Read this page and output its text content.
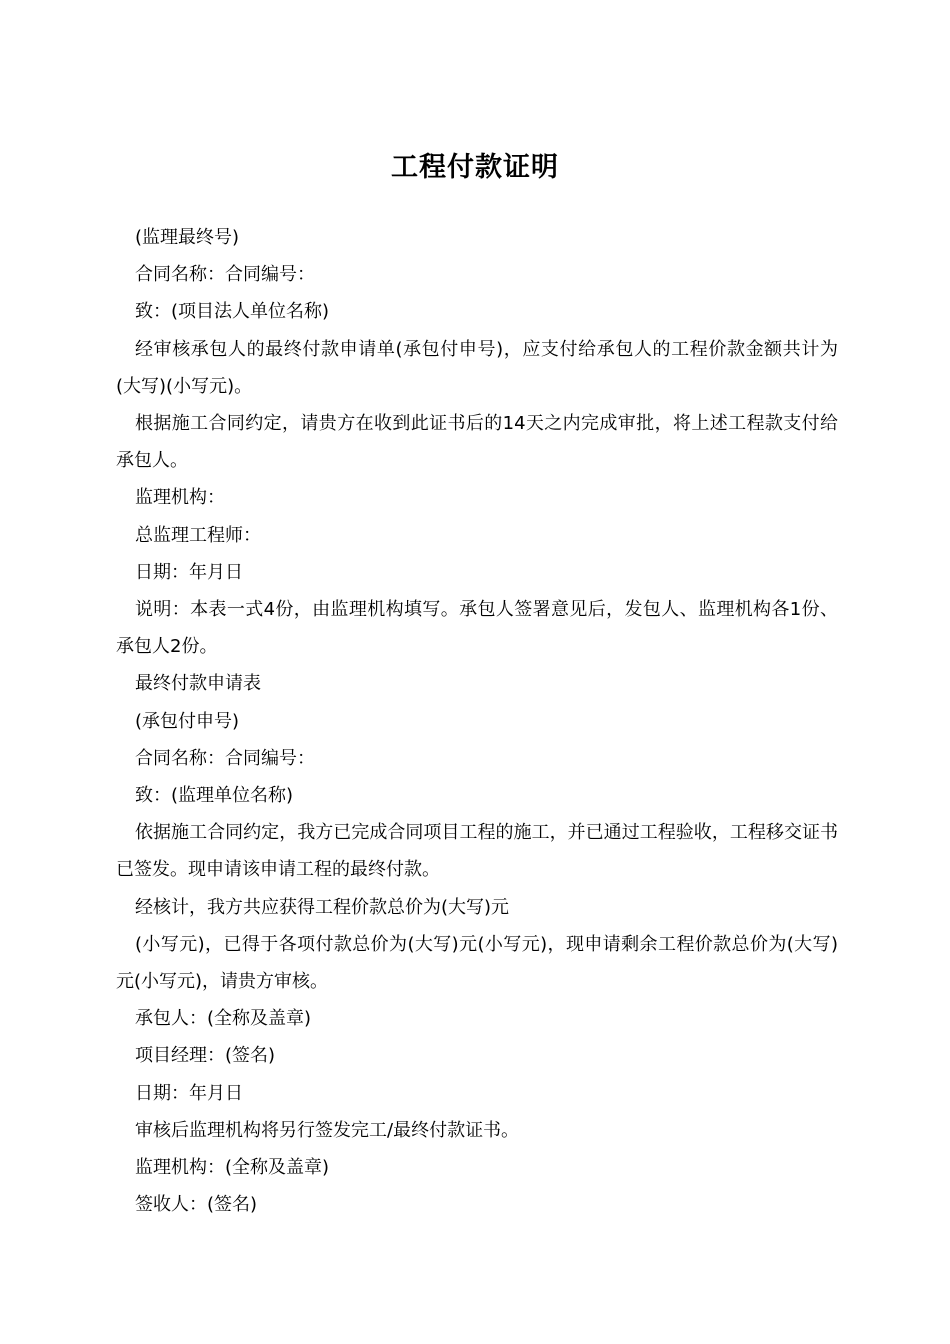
工程付款证明

(监理最终号)

合同名称：合同编号：

致：(项目法人单位名称)

经审核承包人的最终付款申请单(承包付申号)，应支付给承包人的工程价款金额共计为(大写)(小写元)。

根据施工合同约定，请贵方在收到此证书后的14天之内完成审批，将上述工程款支付给承包人。

监理机构：

总监理工程师：

日期：年月日

说明：本表一式4份，由监理机构填写。承包人签署意见后，发包人、监理机构各1份、承包人2份。

最终付款申请表

(承包付申号)

合同名称：合同编号：

致：(监理单位名称)

依据施工合同约定，我方已完成合同项目工程的施工，并已通过工程验收，工程移交证书已签发。现申请该申请工程的最终付款。

经核计，我方共应获得工程价款总价为(大写)元

(小写元)，已得于各项付款总价为(大写)元(小写元)，现申请剩余工程价款总价为(大写)元(小写元)，请贵方审核。

承包人：(全称及盖章)

项目经理：(签名)

日期：年月日

审核后监理机构将另行签发完工/最终付款证书。

监理机构：(全称及盖章)

签收人：(签名)
